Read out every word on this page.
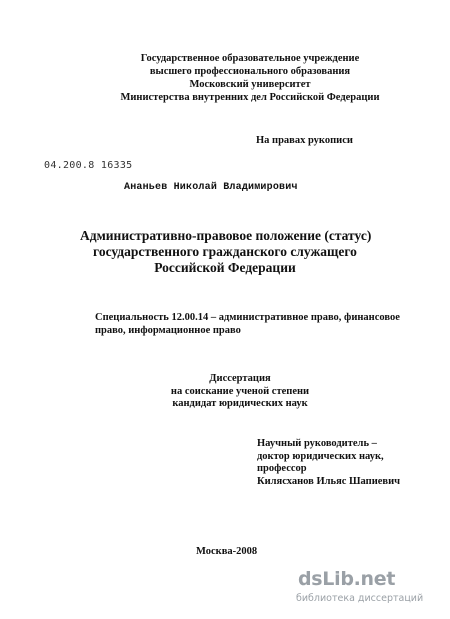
Государственное образовательное учреждение
высшего профессионального образования
Московский университет
Министерства внутренних дел Российской Федерации
На правах рукописи
04.200.8 16335
Ананьев Николай Владимирович
Административно-правовое положение (статус)
государственного гражданского служащего
Российской Федерации
Специальность 12.00.14 – административное право, финансовое
право, информационное право
Диссертация
на соискание ученой степени
кандидат юридических наук
Научный руководитель –
доктор юридических наук,
профессор
Килясханов Ильяс Шапиевич
Москва-2008
dsLib.net
библиотека диссертаций
